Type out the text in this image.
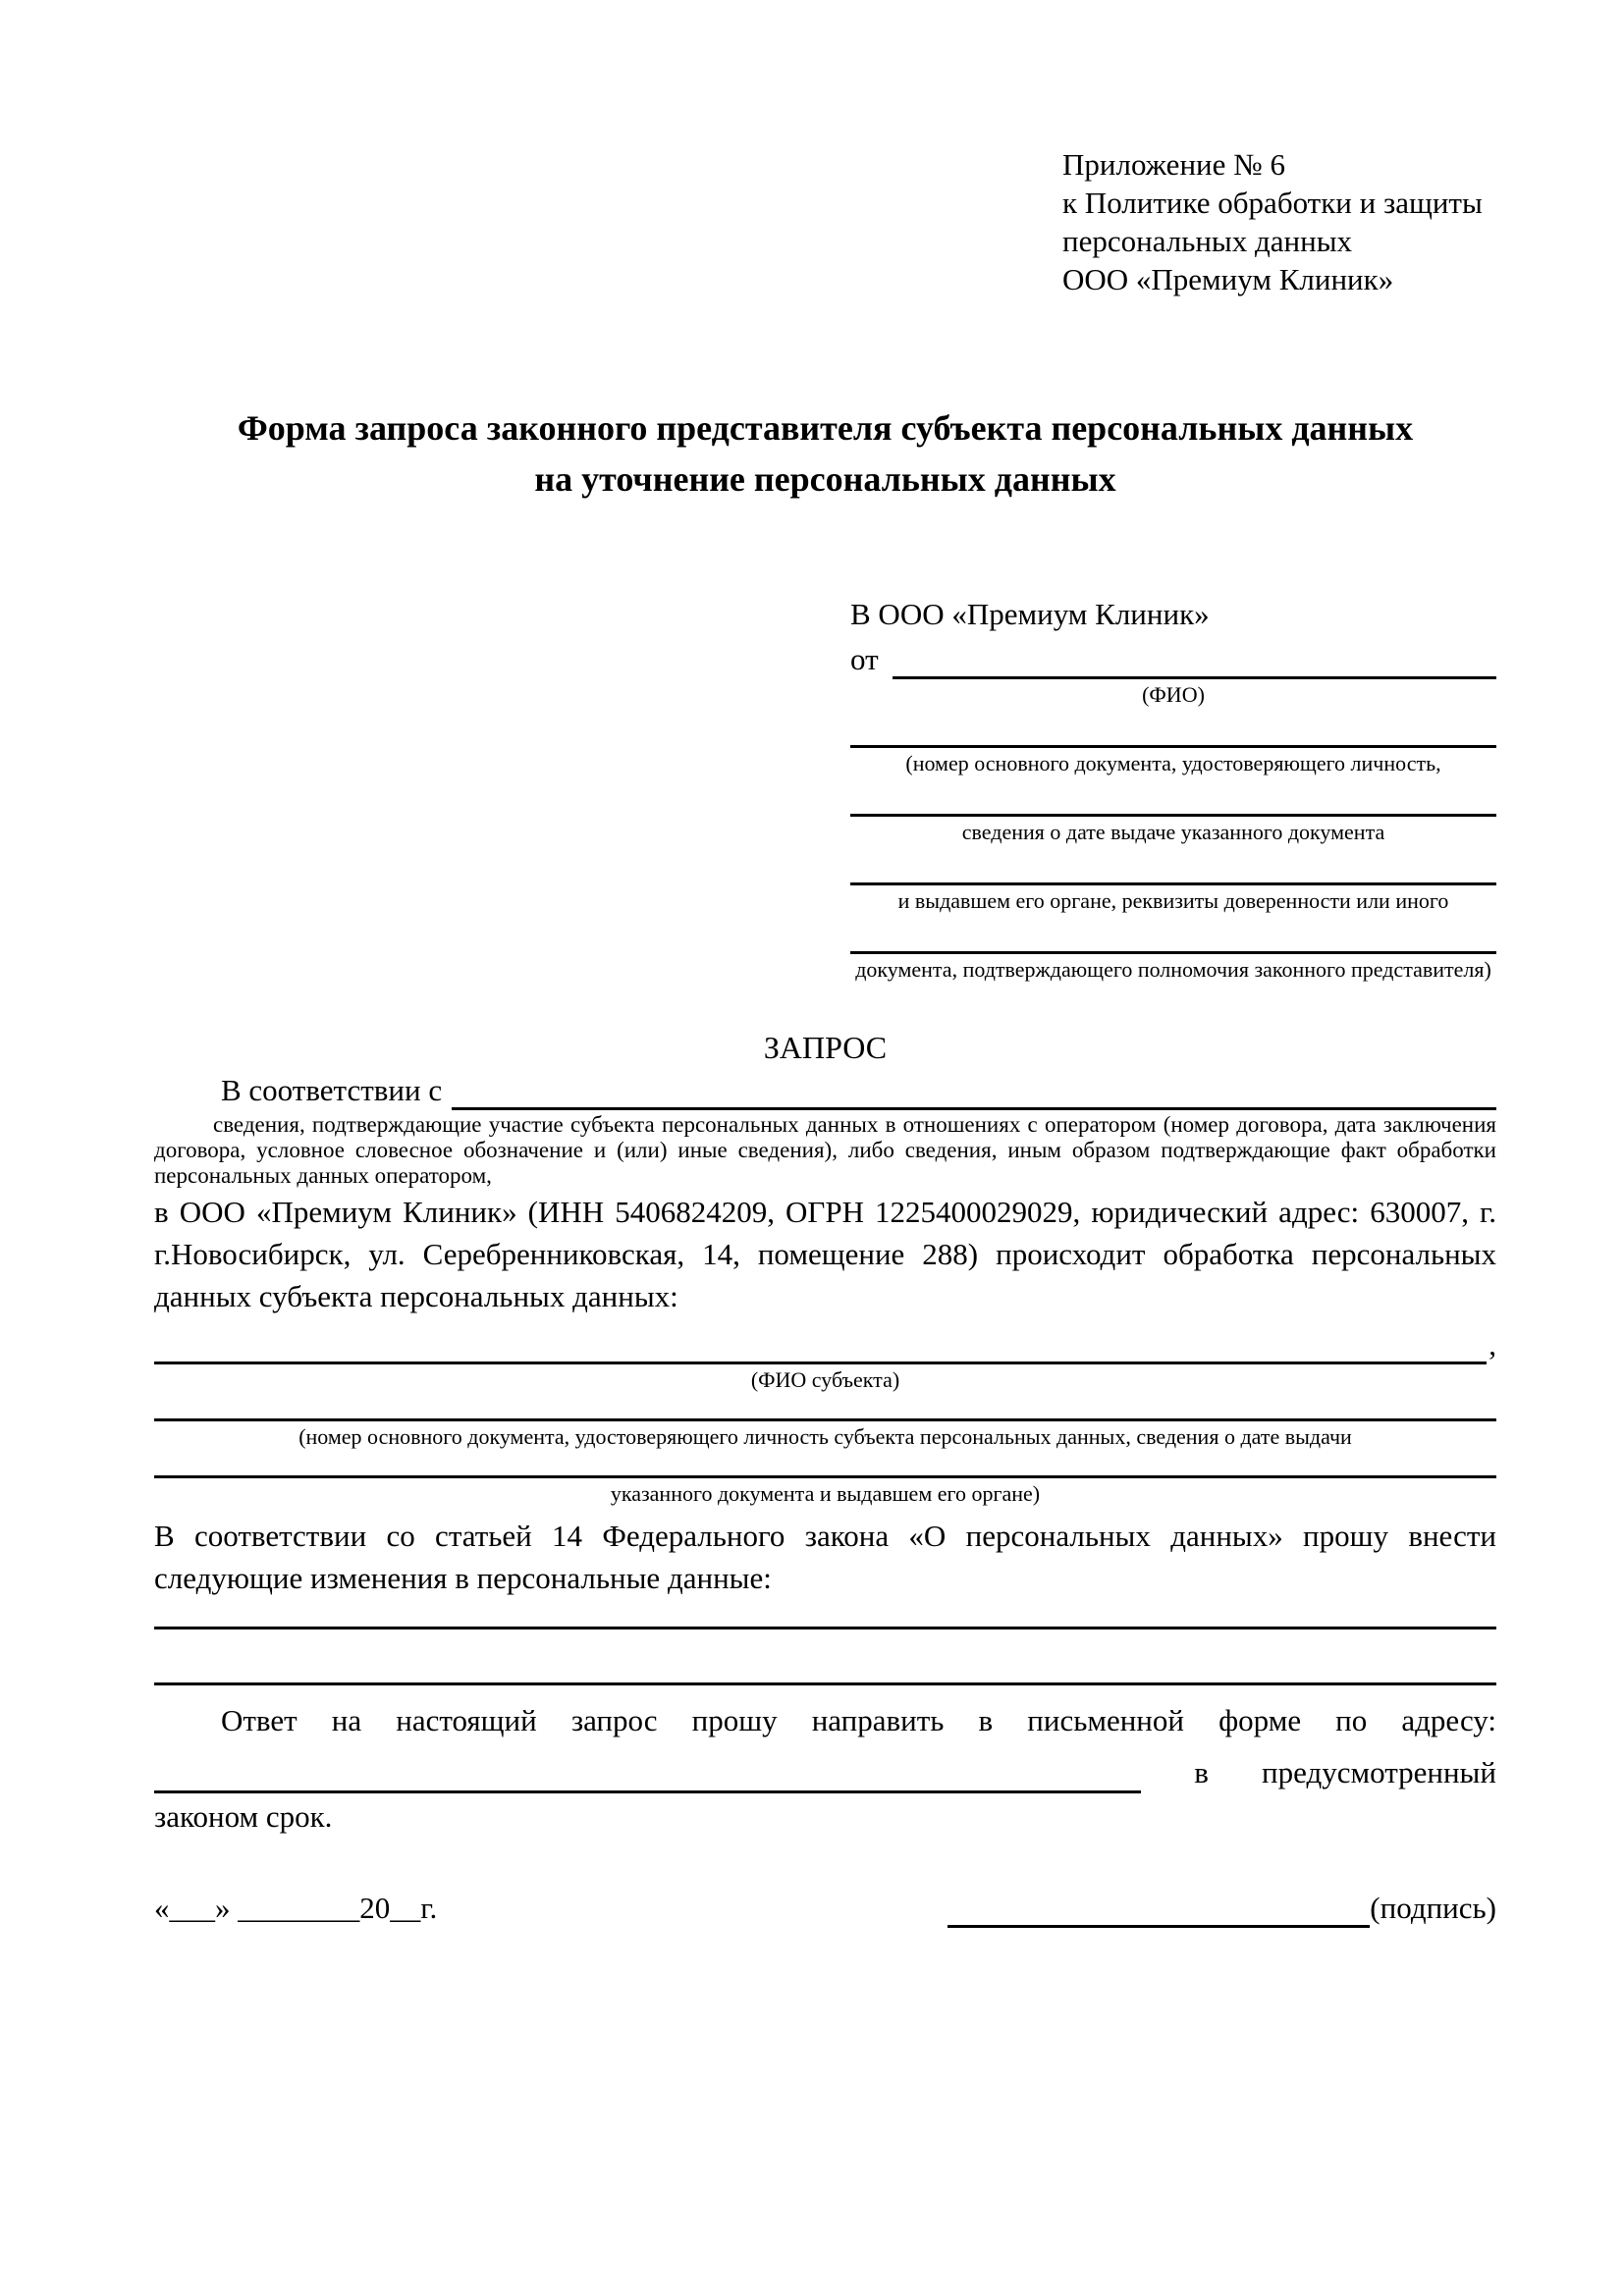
Приложение № 6
к Политике обработки и защиты
персональных данных
ООО «Премиум Клиник»
Форма запроса законного представителя субъекта персональных данных
на уточнение персональных данных
В ООО «Премиум Клиник»
от
(ФИО)
(номер основного документа, удостоверяющего личность,
сведения о дате выдаче указанного документа
и выдавшем его органе, реквизиты доверенности или иного
документа, подтверждающего полномочия законного представителя)
ЗАПРОС
В соответствии с
сведения, подтверждающие участие субъекта персональных данных в отношениях с оператором (номер договора, дата заключения договора, условное словесное обозначение и (или) иные сведения), либо сведения, иным образом подтверждающие факт обработки персональных данных оператором,
в ООО «Премиум Клиник» (ИНН 5406824209, ОГРН 1225400029029, юридический адрес: 630007, г. г.Новосибирск, ул. Серебренниковская, 14, помещение 288) происходит обработка персональных данных субъекта персональных данных:
,
(ФИО субъекта)
(номер основного документа, удостоверяющего личность субъекта персональных данных, сведения о дате выдачи
указанного документа и выдавшем его органе)
В соответствии со статьей 14 Федерального закона «О персональных данных» прошу внести следующие изменения в персональные данные:
Ответ на настоящий запрос прошу направить в письменной форме по адресу:
в предусмотренный
законом срок.
«___» ________20__г.	(подпись)
